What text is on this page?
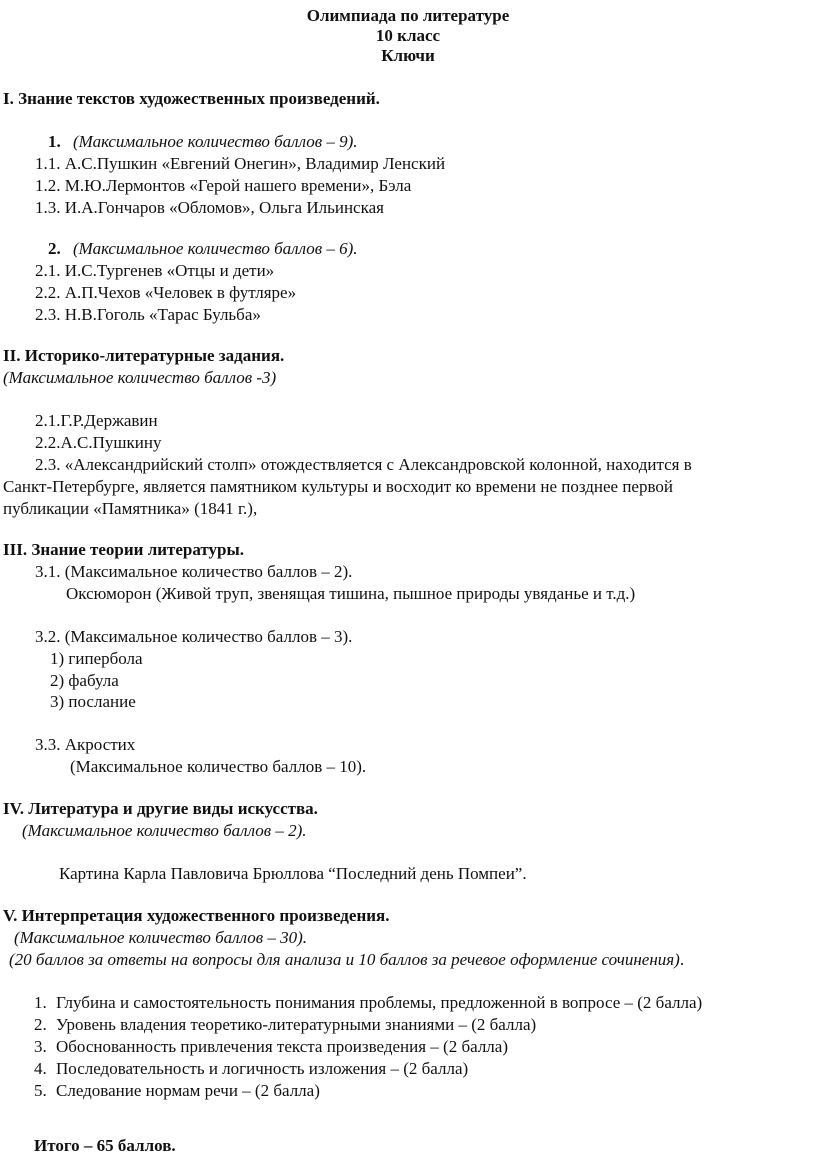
Олимпиада по литературе
10 класс
Ключи
I. Знание текстов художественных произведений.
1. (Максимальное количество баллов – 9).
1.1. А.С.Пушкин «Евгений Онегин», Владимир Ленский
1.2. М.Ю.Лермонтов «Герой нашего времени», Бэла
1.3. И.А.Гончаров «Обломов», Ольга Ильинская
2. (Максимальное количество баллов – 6).
2.1. И.С.Тургенев «Отцы и дети»
2.2. А.П.Чехов «Человек в футляре»
2.3. Н.В.Гоголь «Тарас Бульба»
II. Историко-литературные задания.
(Максимальное количество баллов -3)
2.1.Г.Р.Державин
2.2.А.С.Пушкину
2.3. «Александрийский столп» отождествляется с Александровской колонной, находится в
Санкт-Петербурге, является памятником культуры и восходит ко времени не позднее первой
публикации «Памятника» (1841 г.),
III. Знание теории литературы.
3.1. (Максимальное количество баллов – 2).
Оксюморон (Живой труп, звенящая тишина, пышное природы увяданье и т.д.)
3.2. (Максимальное количество баллов – 3).
1) гипербола
2) фабула
3) послание
3.3. Акростих
(Максимальное количество баллов – 10).
IV. Литература и другие виды искусства.
(Максимальное количество баллов – 2).
Картина Карла Павловича Брюллова “Последний день Помпеи”.
V. Интерпретация художественного произведения.
(Максимальное количество баллов – 30).
(20 баллов за ответы на вопросы для анализа и 10 баллов за речевое оформление сочинения).
1. Глубина и самостоятельность понимания проблемы, предложенной в вопросе – (2 балла)
2. Уровень владения теоретико-литературными знаниями – (2 балла)
3. Обоснованность привлечения текста произведения – (2 балла)
4. Последовательность и логичность изложения – (2 балла)
5. Следование нормам речи – (2 балла)
Итого – 65 баллов.
